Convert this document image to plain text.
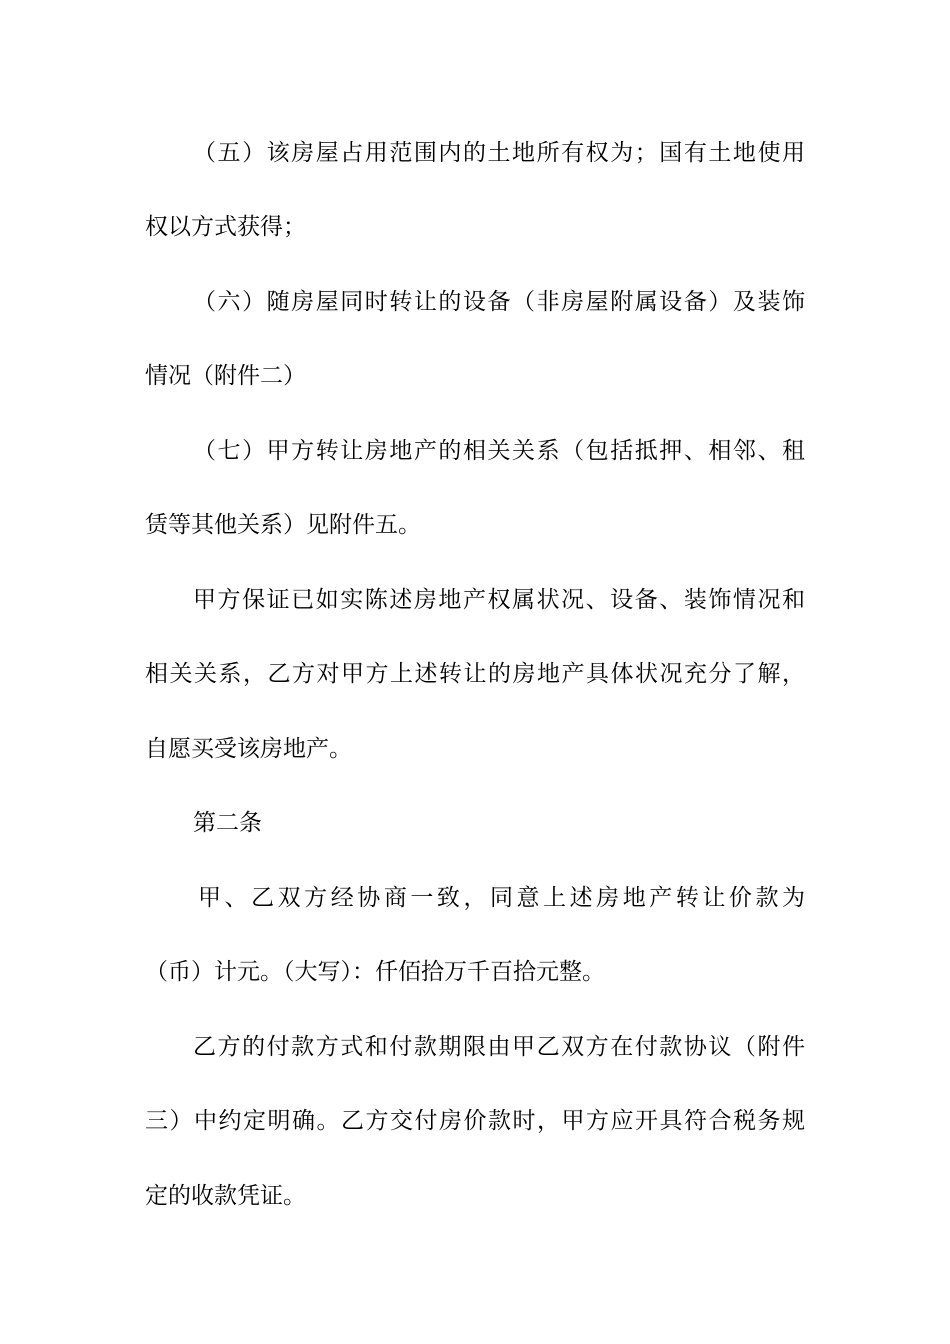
（五）该房屋占用范围内的土地所有权为；国有土地使用
权以方式获得；
（六）随房屋同时转让的设备（非房屋附属设备）及装饰
情况（附件二）
（七）甲方转让房地产的相关关系（包括抵押、相邻、租
赁等其他关系）见附件五。
甲方保证已如实陈述房地产权属状况、设备、装饰情况和
相关关系，乙方对甲方上述转让的房地产具体状况充分了解，
自愿买受该房地产。
第二条
甲、乙双方经协商一致，同意上述房地产转让价款为
（币）计元。（大写）：仟佰拾万千百拾元整。
乙方的付款方式和付款期限由甲乙双方在付款协议（附件
三）中约定明确。乙方交付房价款时，甲方应开具符合税务规
定的收款凭证。
